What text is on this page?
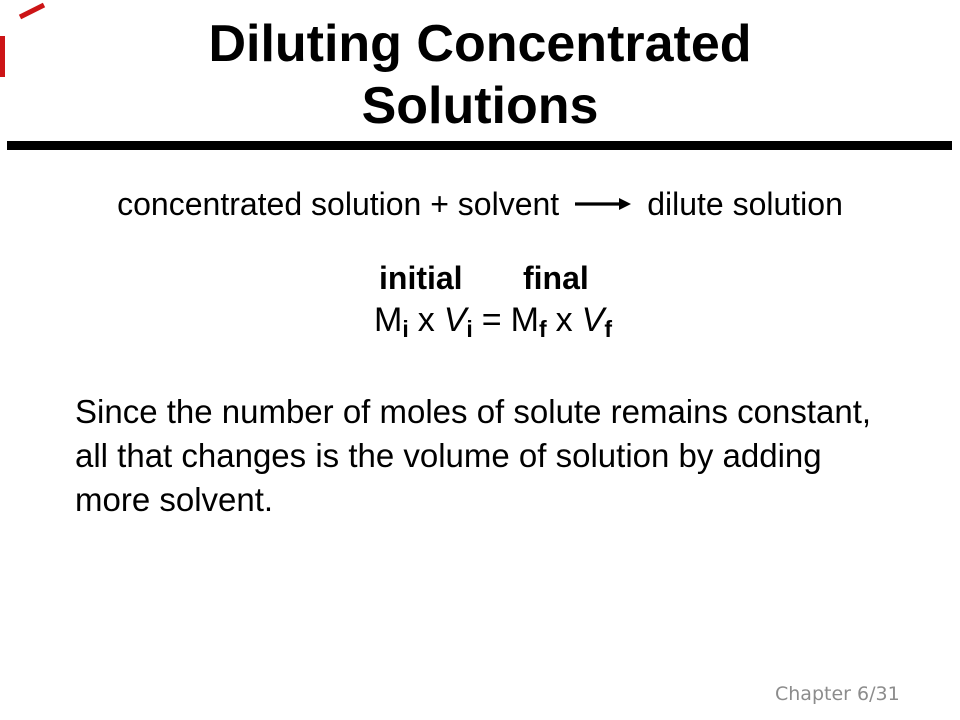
Diluting Concentrated
Solutions
concentrated solution + solvent	dilute solution
initial final
$M_i$ x $V_i = M_f$ x $V_f$
Since the number of moles of solute remains constant,
all that changes is the volume of solution by adding
more solvent.
Chapter 6/31
